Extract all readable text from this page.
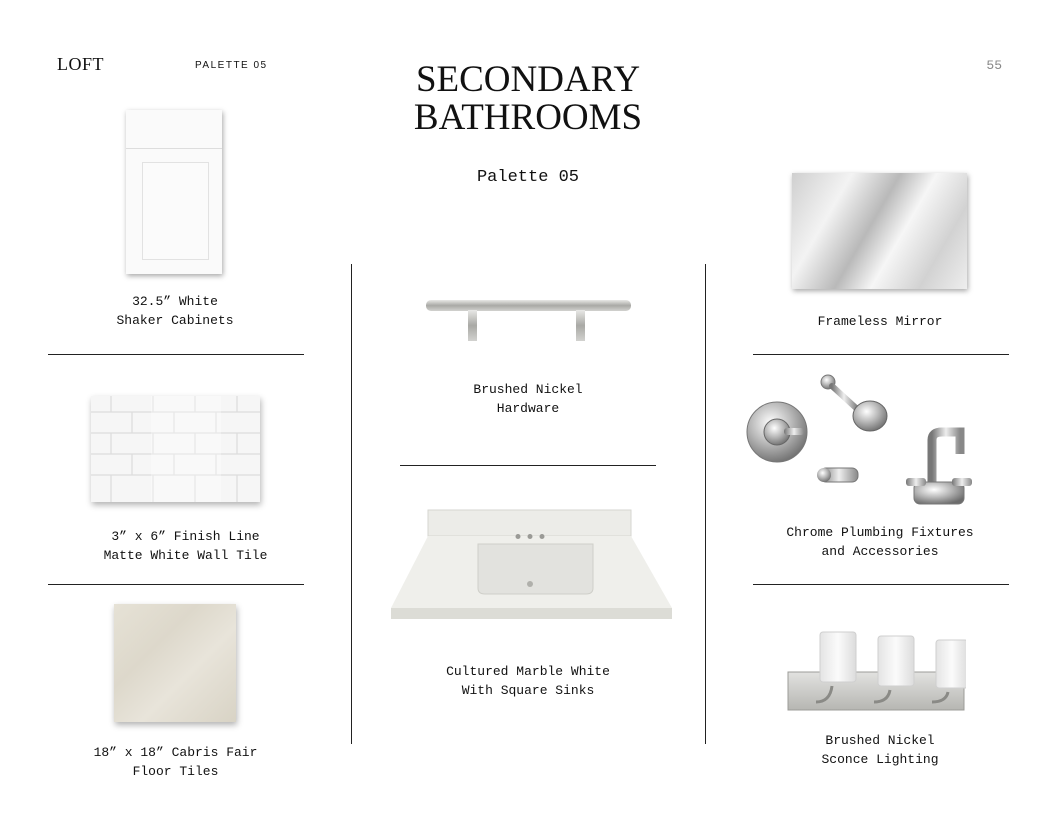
LOFT	PALETTE 05	55
SECONDARY BATHROOMS
Palette 05
32.5” White
Shaker Cabinets
3” x 6” Finish Line
Matte White Wall Tile
18” x 18” Cabris Fair
Floor Tiles
Brushed Nickel
Hardware
Cultured Marble White
With Square Sinks
Frameless Mirror
Chrome Plumbing Fixtures
and Accessories
Brushed Nickel
Sconce Lighting
